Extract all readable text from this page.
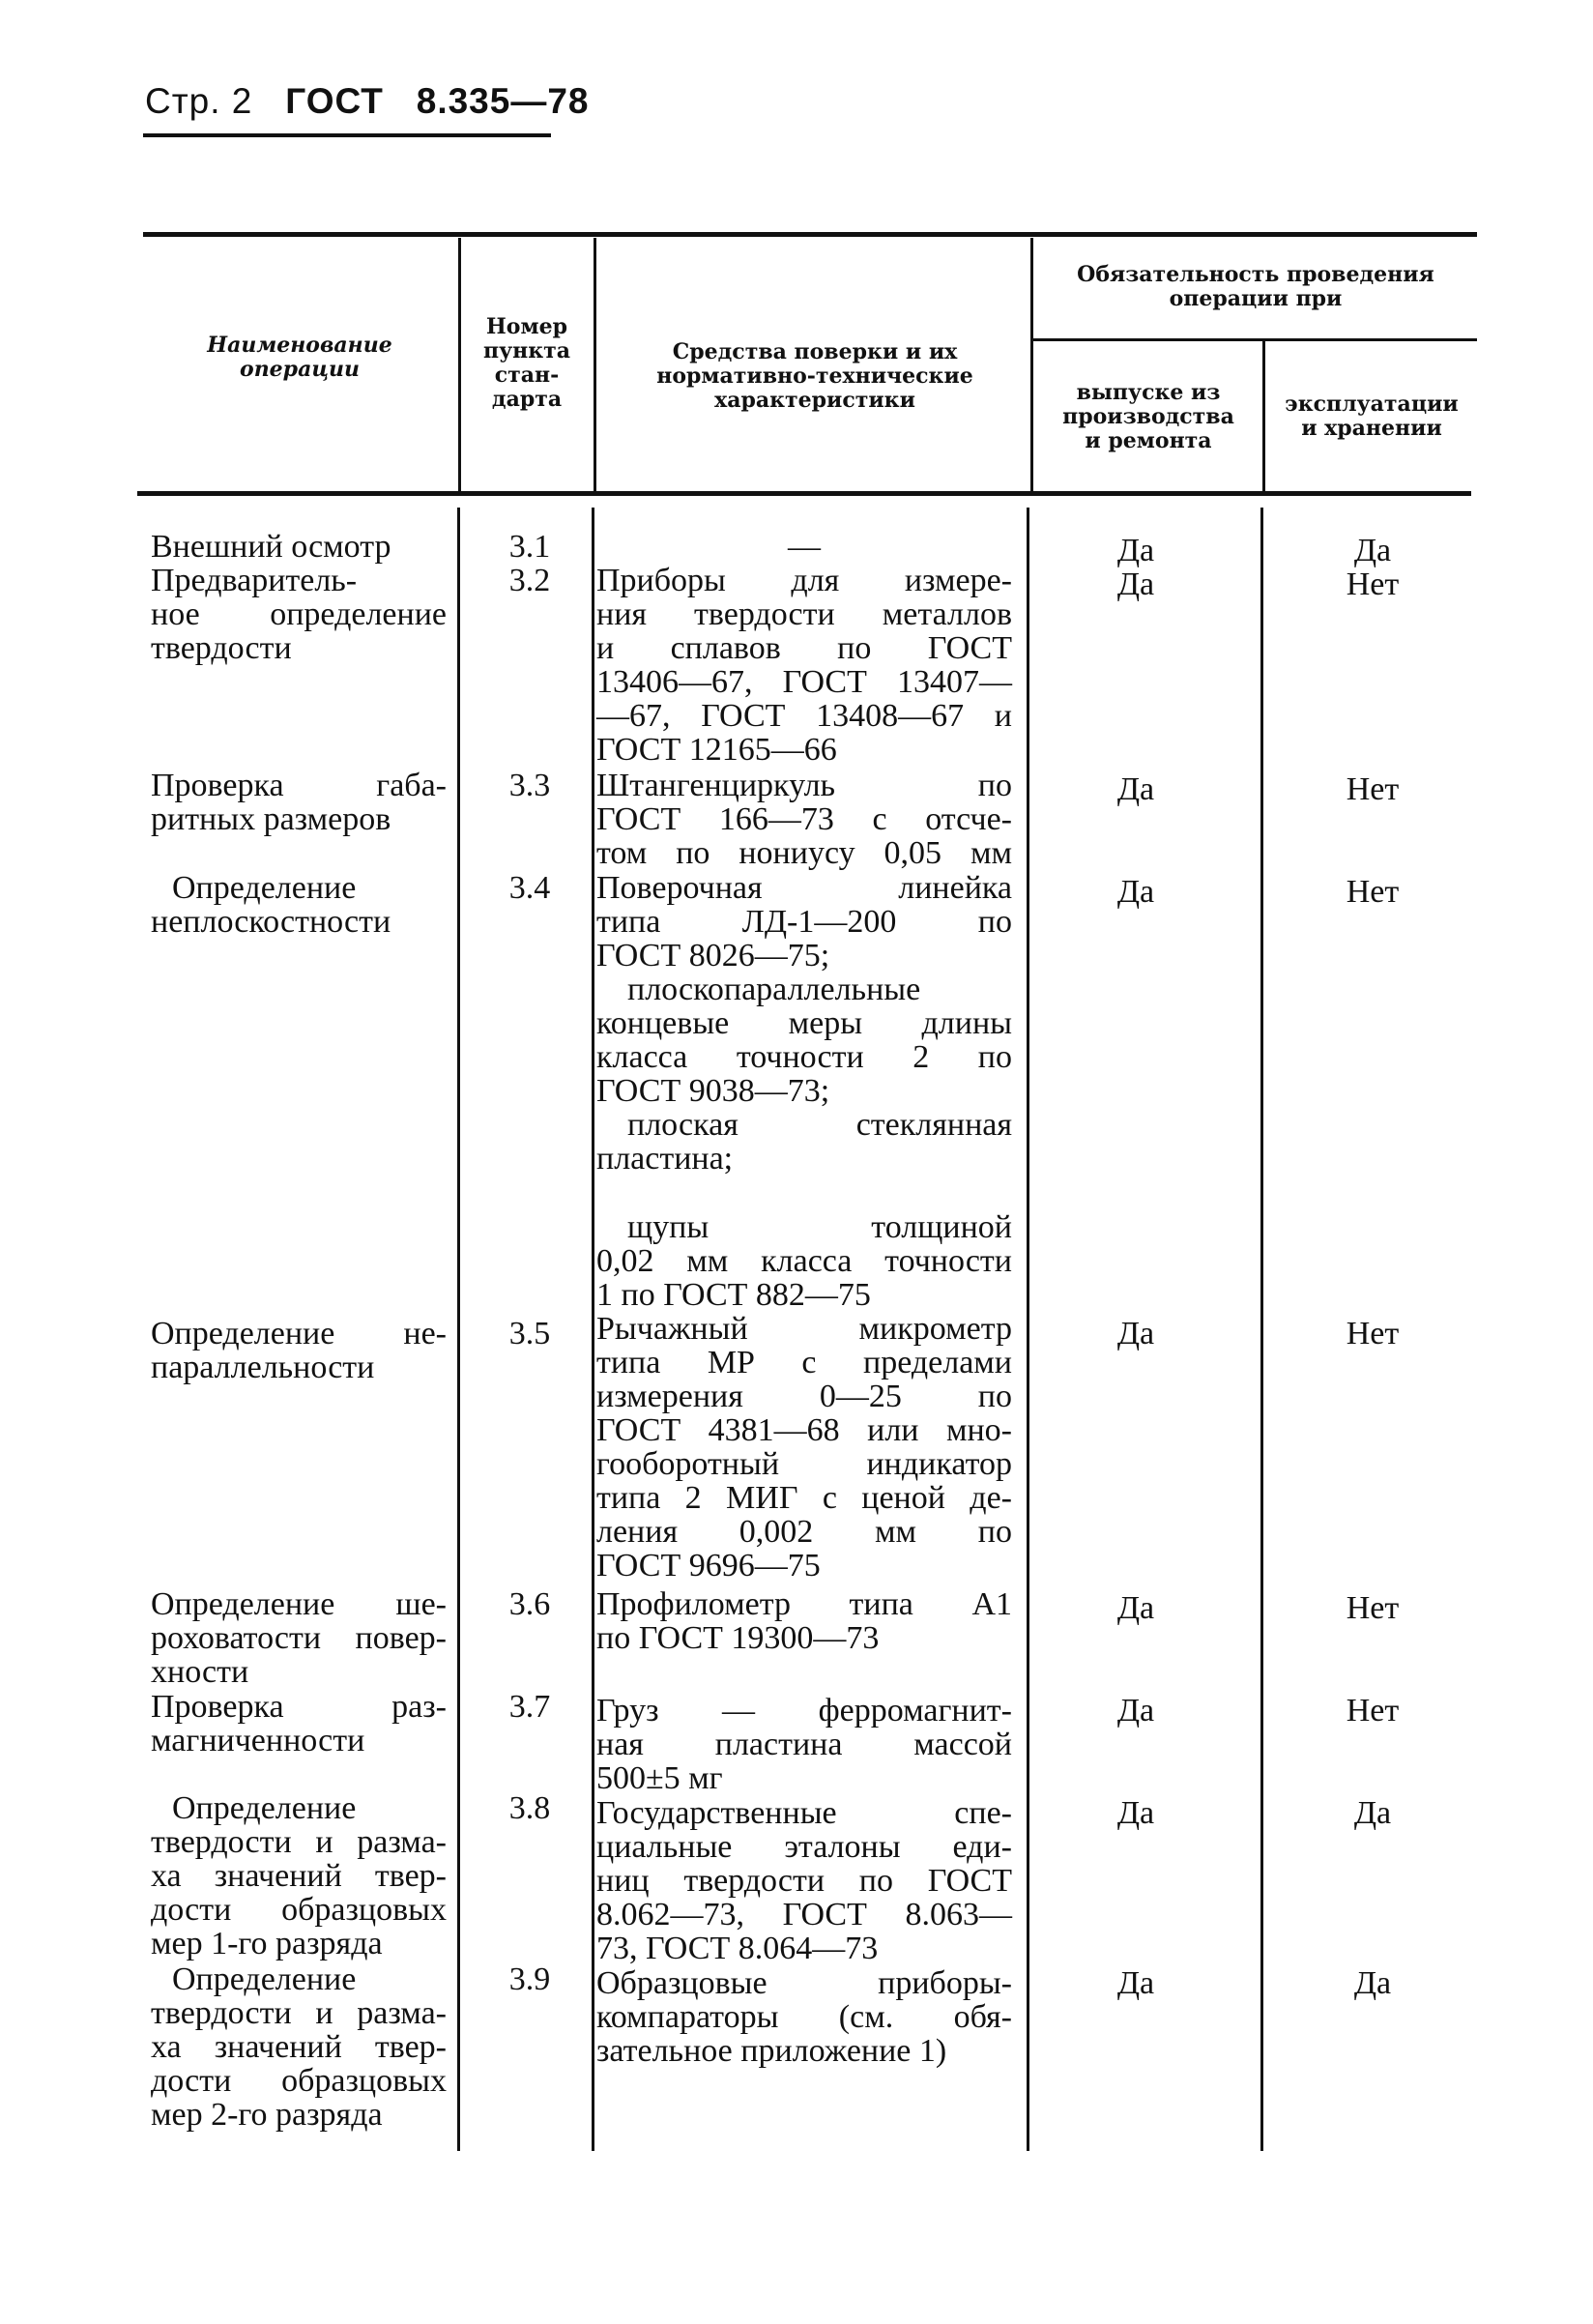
Стр. 2 ГОСТ 8.335—78
Наименование
операции
Номер
пункта
стан-
дарта
Средства поверки и их
нормативно-технические
характеристики
Обязательность проведения
операции при
выпуске из
производства
и ремонта
эксплуатации
и хранении
Внешний осмотр	3.1	—	Да	Да
Предваритель-
ное определение
твердости
3.2	Приборы для измере-
ния твердости металлов
и сплавов по ГОСТ
13406—67, ГОСТ 13407—
—67, ГОСТ 13408—67 и
ГОСТ 12165—66
Да	Нет
Проверка габа-
ритных размеров
3.3	Штангенциркуль по
ГОСТ 166—73 с отсче-
том по нониусу 0,05 мм
Да	Нет
Определение
неплоскостности
3.4	Поверочная линейка
типа ЛД-1—200 по
ГОСТ 8026—75;
плоскопараллельные
концевые меры длины
класса точности 2 по
ГОСТ 9038—73;
плоская стеклянная
пластина;
щупы толщиной
0,02 мм класса точности
1 по ГОСТ 882—75
Да	Нет
Определение не-
параллельности
3.5	Рычажный микрометр
типа МР с пределами
измерения 0—25 по
ГОСТ 4381—68 или мно-
гооборотный индикатор
типа 2 МИГ с ценой де-
ления 0,002 мм по
ГОСТ 9696—75
Да	Нет
Определение ше-
роховатости повер-
хности
3.6	Профилометр типа А1
по ГОСТ 19300—73
Да	Нет
Проверка раз-
магниченности
3.7	Груз — ферромагнит-
ная пластина массой
500±5 мг
Да	Нет
Определение
твердости и разма-
ха значений твер-
дости образцовых
мер 1-го разряда
3.8	Государственные спе-
циальные эталоны еди-
ниц твердости по ГОСТ
8.062—73, ГОСТ 8.063—
73, ГОСТ 8.064—73
Да	Да
Определение
твердости и разма-
ха значений твер-
дости образцовых
мер 2-го разряда
3.9	Образцовые приборы-
компараторы (см. обя-
зательное приложение 1)
Да	Да
